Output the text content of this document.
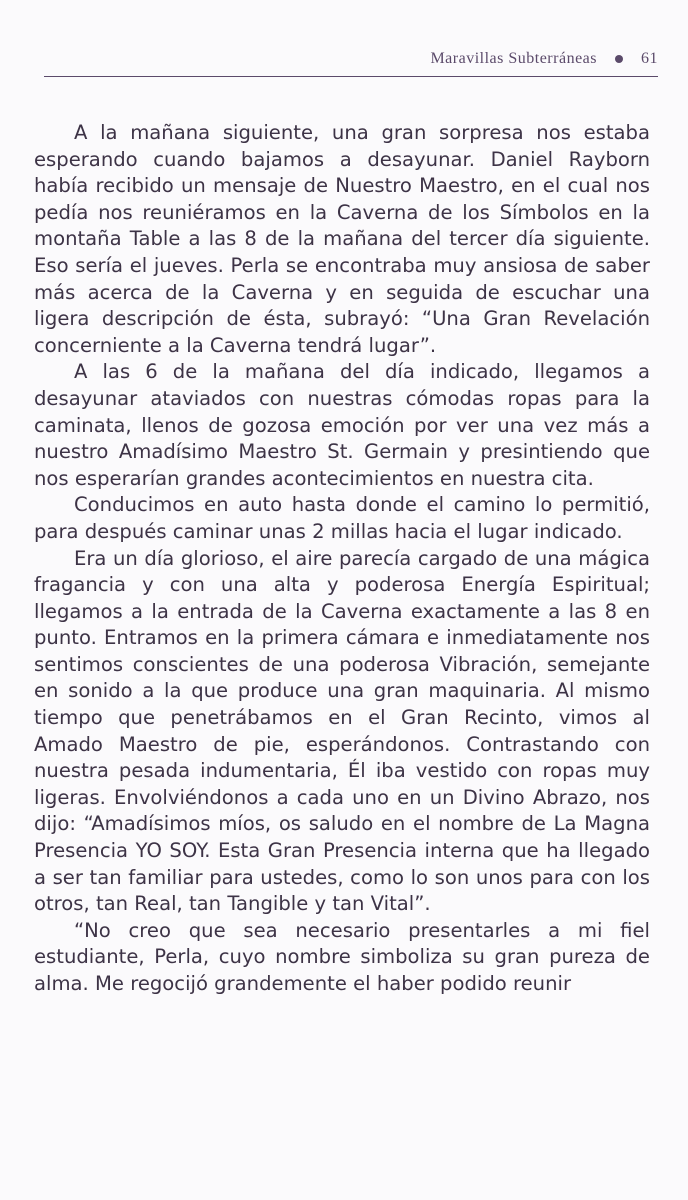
Maravillas Subterráneas	61

A la mañana siguiente, una gran sorpresa nos estaba esperando cuando bajamos a desayunar. Daniel Rayborn había recibido un mensaje de Nuestro Maestro, en el cual nos pedía nos reuniéramos en la Caverna de los Símbolos en la montaña Table a las 8 de la mañana del tercer día siguiente. Eso sería el jueves. Perla se encontraba muy ansiosa de saber más acerca de la Caverna y en seguida de escuchar una ligera descripción de ésta, subrayó: “Una Gran Revelación concerniente a la Caverna tendrá lugar”.

A las 6 de la mañana del día indicado, llegamos a desayunar ataviados con nuestras cómodas ropas para la caminata, llenos de gozosa emoción por ver una vez más a nuestro Amadísimo Maestro St. Germain y presintiendo que nos esperarían grandes acontecimientos en nuestra cita.

Conducimos en auto hasta donde el camino lo permitió, para después caminar unas 2 millas hacia el lugar indicado.

Era un día glorioso, el aire parecía cargado de una mágica fragancia y con una alta y poderosa Energía Espiritual; llegamos a la entrada de la Caverna exactamente a las 8 en punto. Entramos en la primera cámara e inmediatamente nos sentimos conscientes de una poderosa Vibración, semejante en sonido a la que produce una gran maquinaria. Al mismo tiempo que penetrábamos en el Gran Recinto, vimos al Amado Maestro de pie, esperándonos. Contrastando con nuestra pesada indumentaria, Él iba vestido con ropas muy ligeras. Envolviéndonos a cada uno en un Divino Abrazo, nos dijo: “Amadísimos míos, os saludo en el nombre de La Magna Presencia YO SOY. Esta Gran Presencia interna que ha llegado a ser tan familiar para ustedes, como lo son unos para con los otros, tan Real, tan Tangible y tan Vital”.

“No creo que sea necesario presentarles a mi fiel estudiante, Perla, cuyo nombre simboliza su gran pureza de alma. Me regocijó grandemente el haber podido reunir
